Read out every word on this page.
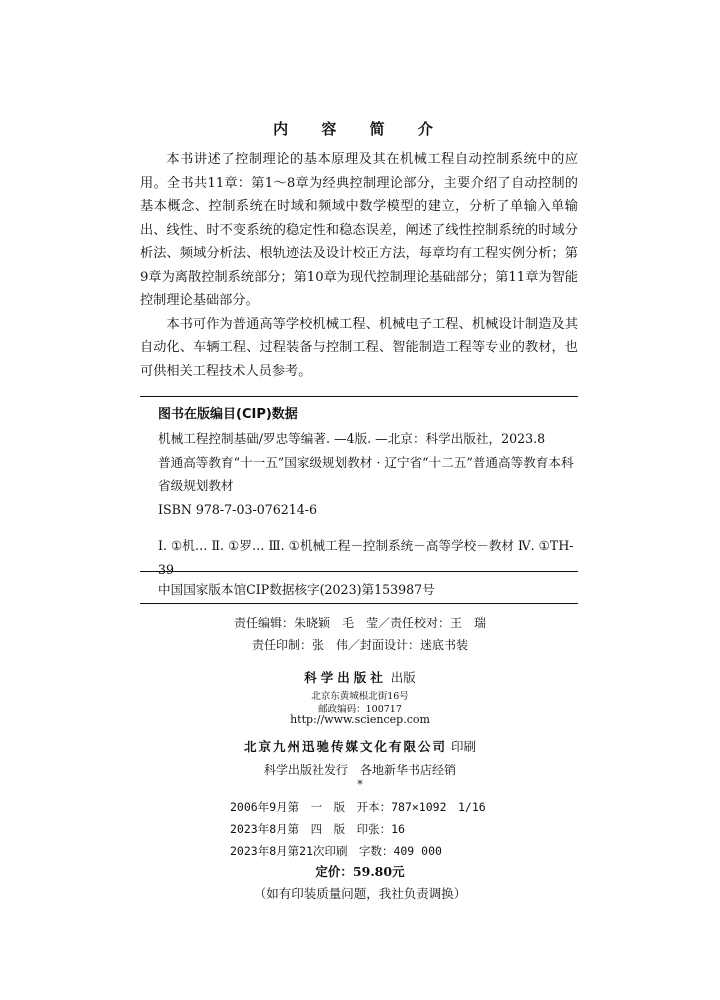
内 容 简 介

本书讲述了控制理论的基本原理及其在机械工程自动控制系统中的应用。全书共11章：第1～8章为经典控制理论部分，主要介绍了自动控制的基本概念、控制系统在时域和频域中数学模型的建立，分析了单输入单输出、线性、时不变系统的稳定性和稳态误差，阐述了线性控制系统的时域分析法、频域分析法、根轨迹法及设计校正方法，每章均有工程实例分析；第9章为离散控制系统部分；第10章为现代控制理论基础部分；第11章为智能控制理论基础部分。

本书可作为普通高等学校机械工程、机械电子工程、机械设计制造及其自动化、车辆工程、过程装备与控制工程、智能制造工程等专业的教材，也可供相关工程技术人员参考。

图书在版编目(CIP)数据
机械工程控制基础/罗忠等编著. —4版. —北京：科学出版社，2023.8
普通高等教育“十一五”国家级规划教材 · 辽宁省“十二五”普通高等教育本科省级规划教材
ISBN 978-7-03-076214-6
Ⅰ. ①机… Ⅱ. ①罗… Ⅲ. ①机械工程－控制系统－高等学校－教材 Ⅳ. ①TH-39
中国国家版本馆CIP数据核字(2023)第153987号
责任编辑：朱晓颖　毛　莹／责任校对：王　瑞
责任印制：张　伟／封面设计：迷底书装
科学出版社 出版
北京东黄城根北街16号
邮政编码：100717
http://www.sciencep.com
北京九州迅驰传媒文化有限公司 印刷
科学出版社发行　各地新华书店经销
*
2006年9月第　一　版　开本：787×1092　1/16
2023年8月第　四　版　印张：16
2023年8月第21次印刷　字数：409 000
定价：59.80元
（如有印装质量问题，我社负责调换）
